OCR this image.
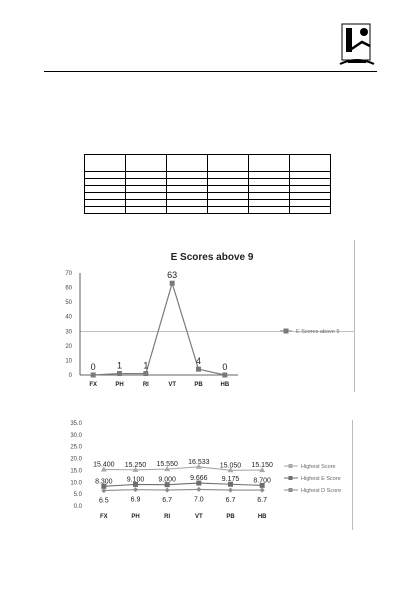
E Scores above 9
70
60
50
40
30
20
10
0
FX	PH	RI	VT	PB	HB
0 1 1
63
4
0
E Scores above 9
35.0
30.0
25.0
20.0
15.0
10.0
5.0
0.0
FX	PH	RI	VT	PB	HB
15.400 15.250 15.550 16.533
15.050 15.150
8.300 9.100 9.000 9.666 9.175 8.700
6.5	6.9	6.7	7.0	6.7	6.7
Highest Score
Highest E Score
Highest D Score
